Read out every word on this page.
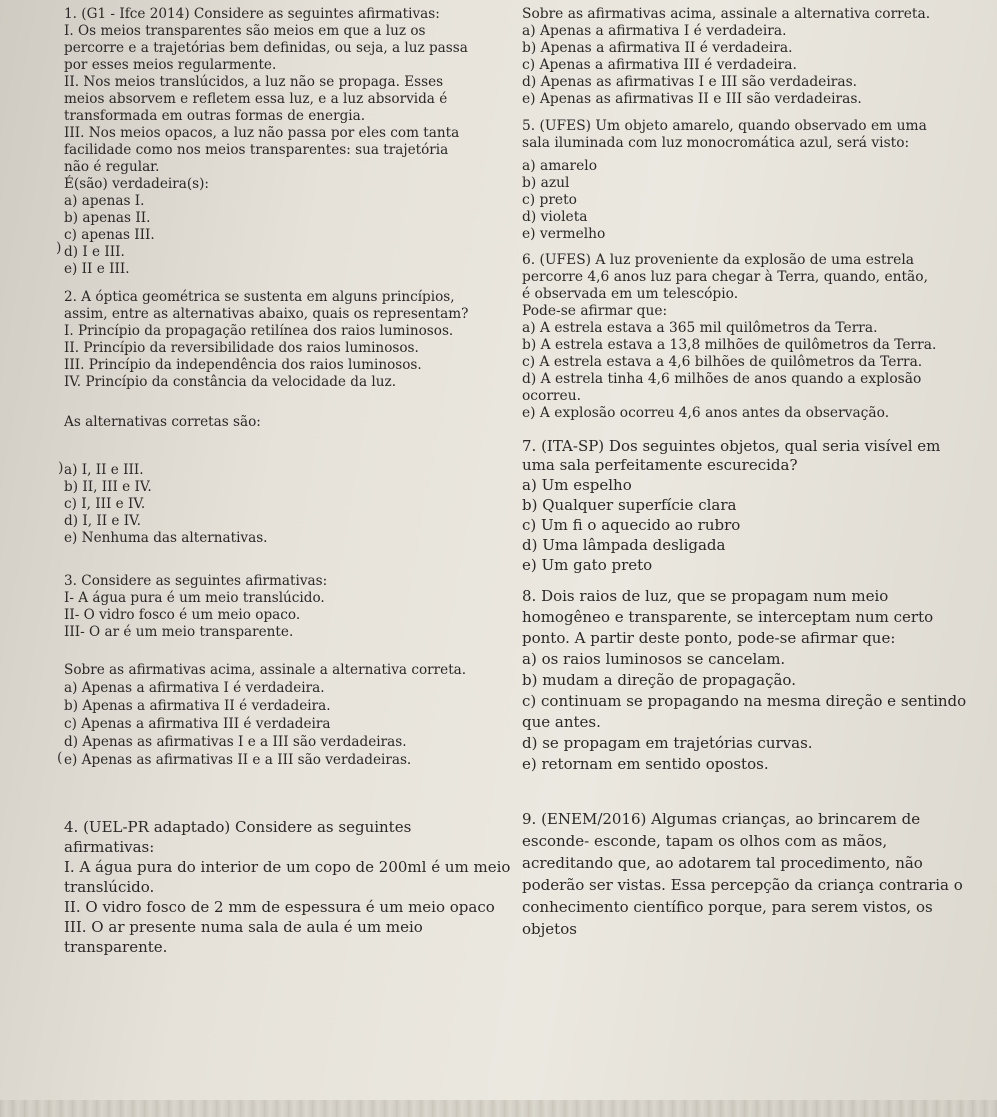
1. (G1 - Ifce 2014) Considere as seguintes afirmativas:
I. Os meios transparentes são meios em que a luz os
percorre e a trajetórias bem definidas, ou seja, a luz passa
por esses meios regularmente.
II. Nos meios translúcidos, a luz não se propaga. Esses
meios absorvem e refletem essa luz, e a luz absorvida é
transformada em outras formas de energia.
III. Nos meios opacos, a luz não passa por eles com tanta
facilidade como nos meios transparentes: sua trajetória
não é regular.
É(são) verdadeira(s):
a) apenas I.
b) apenas II.
c) apenas III.
d) I e III.
e) II e III.
2. A óptica geométrica se sustenta em alguns princípios,
assim, entre as alternativas abaixo, quais os representam?
I. Princípio da propagação retilínea dos raios luminosos.
II. Princípio da reversibilidade dos raios luminosos.
III. Princípio da independência dos raios luminosos.
IV. Princípio da constância da velocidade da luz.
As alternativas corretas são:
a) I, II e III.
b) II, III e IV.
c) I, III e IV.
d) I, II e IV.
e) Nenhuma das alternativas.
3. Considere as seguintes afirmativas:
I- A água pura é um meio translúcido.
II- O vidro fosco é um meio opaco.
III- O ar é um meio transparente.
Sobre as afirmativas acima, assinale a alternativa correta.
a) Apenas a afirmativa I é verdadeira.
b) Apenas a afirmativa II é verdadeira.
c) Apenas a afirmativa III é verdadeira
d) Apenas as afirmativas I e a III são verdadeiras.
e) Apenas as afirmativas II e a III são verdadeiras.
4. (UEL-PR adaptado) Considere as seguintes
afirmativas:
I. A água pura do interior de um copo de 200ml é um meio
translúcido.
II. O vidro fosco de 2 mm de espessura é um meio opaco
III. O ar presente numa sala de aula é um meio
transparente.
Sobre as afirmativas acima, assinale a alternativa correta.
a) Apenas a afirmativa I é verdadeira.
b) Apenas a afirmativa II é verdadeira.
c) Apenas a afirmativa III é verdadeira.
d) Apenas as afirmativas I e III são verdadeiras.
e) Apenas as afirmativas II e III são verdadeiras.
5. (UFES) Um objeto amarelo, quando observado em uma
sala iluminada com luz monocromática azul, será visto:
a) amarelo
b) azul
c) preto
d) violeta
e) vermelho
6. (UFES) A luz proveniente da explosão de uma estrela
percorre 4,6 anos luz para chegar à Terra, quando, então,
é observada em um telescópio.
Pode-se afirmar que:
a) A estrela estava a 365 mil quilômetros da Terra.
b) A estrela estava a 13,8 milhões de quilômetros da Terra.
c) A estrela estava a 4,6 bilhões de quilômetros da Terra.
d) A estrela tinha 4,6 milhões de anos quando a explosão
ocorreu.
e) A explosão ocorreu 4,6 anos antes da observação.
7. (ITA-SP) Dos seguintes objetos, qual seria visível em
uma sala perfeitamente escurecida?
a) Um espelho
b) Qualquer superfície clara
c) Um fi o aquecido ao rubro
d) Uma lâmpada desligada
e) Um gato preto
8. Dois raios de luz, que se propagam num meio
homogêneo e transparente, se interceptam num certo
ponto. A partir deste ponto, pode-se afirmar que:
a) os raios luminosos se cancelam.
b) mudam a direção de propagação.
c) continuam se propagando na mesma direção e sentindo
que antes.
d) se propagam em trajetórias curvas.
e) retornam em sentido opostos.
9. (ENEM/2016) Algumas crianças, ao brincarem de
esconde- esconde, tapam os olhos com as mãos,
acreditando que, ao adotarem tal procedimento, não
poderão ser vistas. Essa percepção da criança contraria o
conhecimento científico porque, para serem vistos, os
objetos
)
)
(
